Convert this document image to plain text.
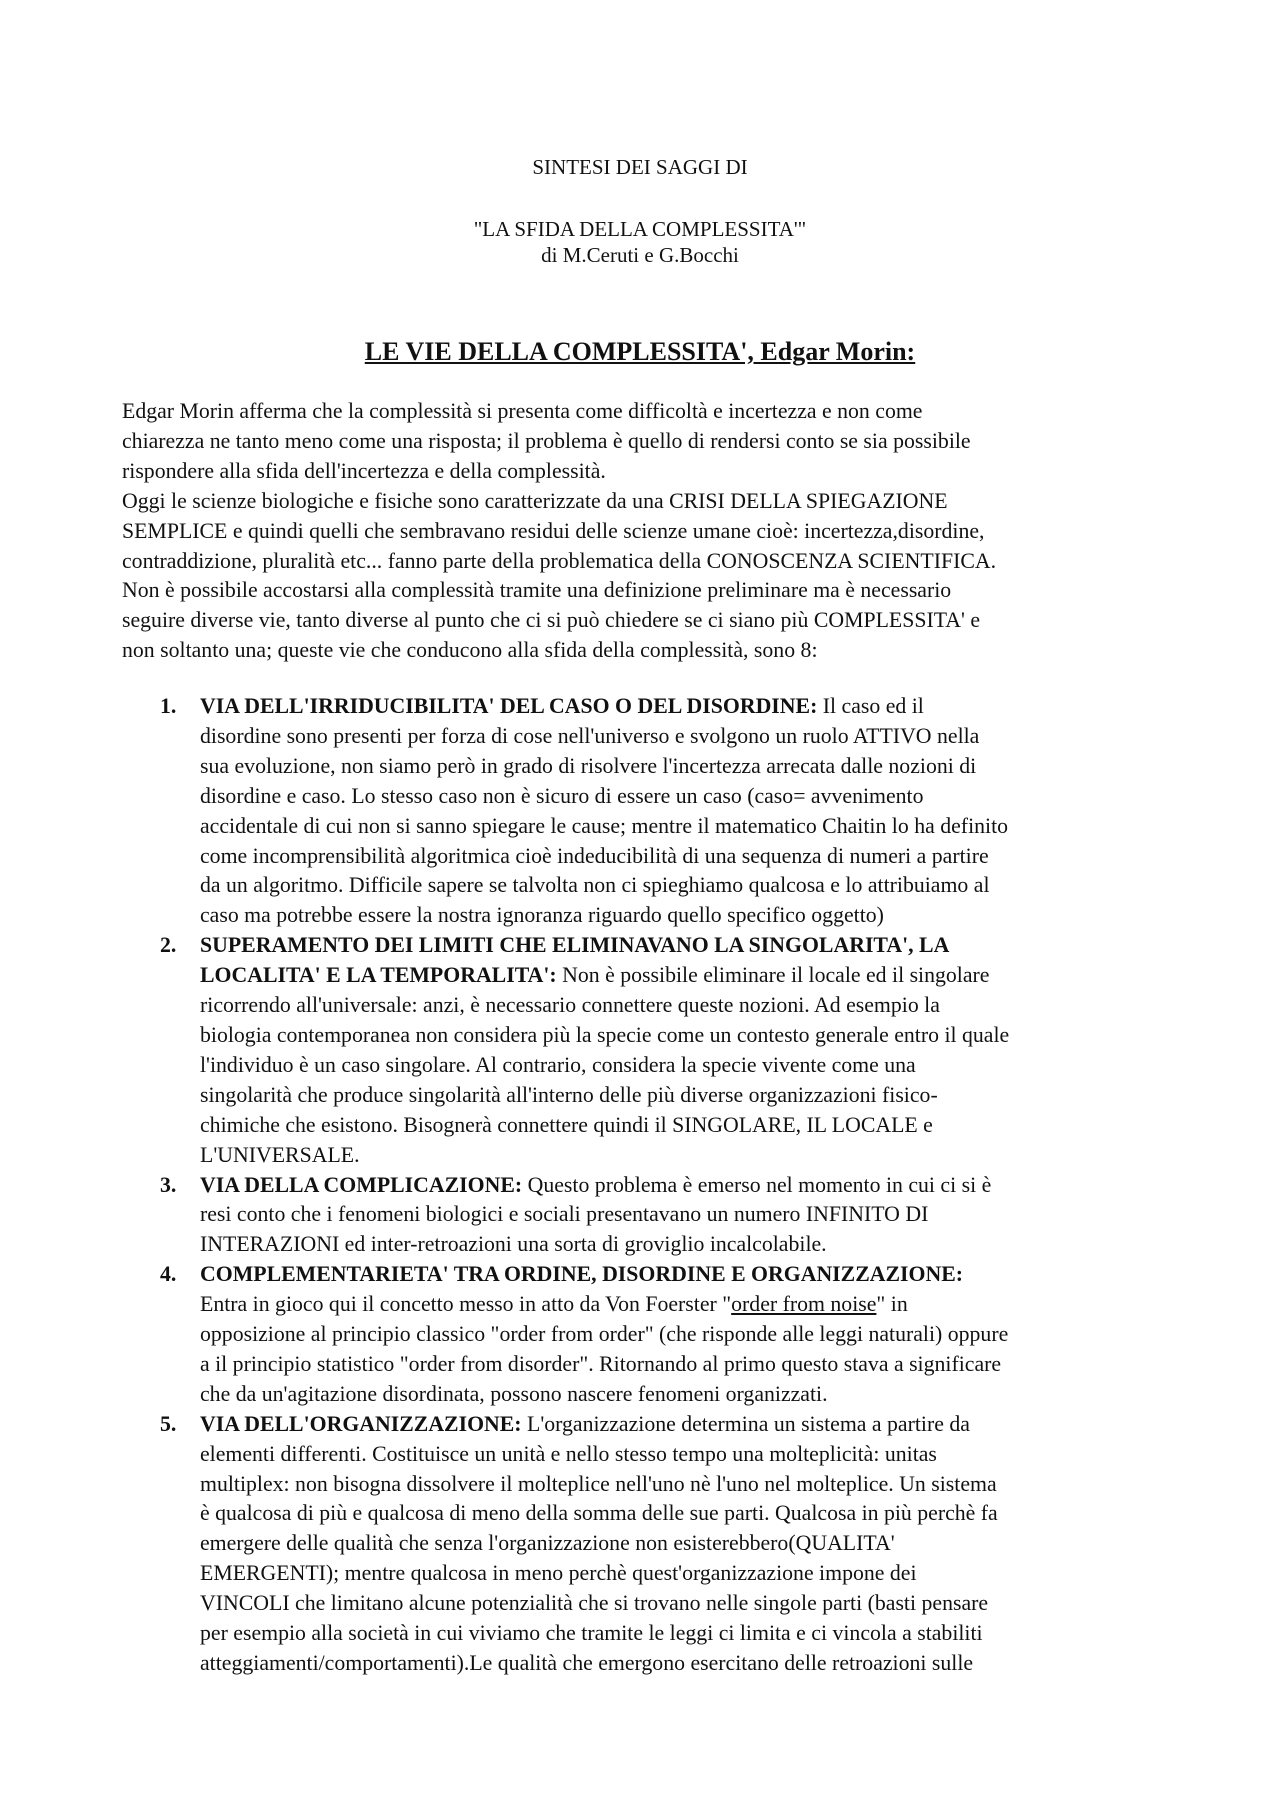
SINTESI DEI SAGGI DI

"LA SFIDA DELLA COMPLESSITA'"

di M.Ceruti e G.Bocchi

LE VIE DELLA COMPLESSITA', Edgar Morin:
Edgar Morin afferma che la complessità si presenta come difficoltà e incertezza e non come
chiarezza ne tanto meno come una risposta; il problema è quello di rendersi conto se sia possibile
rispondere alla sfida dell'incertezza e della complessità.
Oggi le scienze biologiche e fisiche sono caratterizzate da una CRISI DELLA SPIEGAZIONE
SEMPLICE e quindi quelli che sembravano residui delle scienze umane cioè: incertezza,disordine,
contraddizione, pluralità etc... fanno parte della problematica della CONOSCENZA SCIENTIFICA.
Non è possibile accostarsi alla complessità tramite una definizione preliminare ma è necessario
seguire diverse vie, tanto diverse al punto che ci si può chiedere se ci siano più COMPLESSITA' e
non soltanto una; queste vie che conducono alla sfida della complessità, sono 8:
1.	VIA DELL'IRRIDUCIBILITA' DEL CASO O DEL DISORDINE: Il caso ed il
disordine sono presenti per forza di cose nell'universo e svolgono un ruolo ATTIVO nella
sua evoluzione, non siamo però in grado di risolvere l'incertezza arrecata dalle nozioni di
disordine e caso. Lo stesso caso non è sicuro di essere un caso (caso= avvenimento
accidentale di cui non si sanno spiegare le cause; mentre il matematico Chaitin lo ha definito
come incomprensibilità algoritmica cioè indeducibilità di una sequenza di numeri a partire
da un algoritmo. Difficile sapere se talvolta non ci spieghiamo qualcosa e lo attribuiamo al
caso ma potrebbe essere la nostra ignoranza riguardo quello specifico oggetto)
2.	SUPERAMENTO DEI LIMITI CHE ELIMINAVANO LA SINGOLARITA', LA
LOCALITA' E LA TEMPORALITA': Non è possibile eliminare il locale ed il singolare
ricorrendo all'universale: anzi, è necessario connettere queste nozioni. Ad esempio la
biologia contemporanea non considera più la specie come un contesto generale entro il quale
l'individuo è un caso singolare. Al contrario, considera la specie vivente come una
singolarità che produce singolarità all'interno delle più diverse organizzazioni fisico-
chimiche che esistono. Bisognerà connettere quindi il SINGOLARE, IL LOCALE e
L'UNIVERSALE.
3.	VIA DELLA COMPLICAZIONE: Questo problema è emerso nel momento in cui ci si è
resi conto che i fenomeni biologici e sociali presentavano un numero INFINITO DI
INTERAZIONI ed inter-retroazioni una sorta di groviglio incalcolabile.
4.	COMPLEMENTARIETA' TRA ORDINE, DISORDINE E ORGANIZZAZIONE:
Entra in gioco qui il concetto messo in atto da Von Foerster "order from noise" in
opposizione al principio classico "order from order" (che risponde alle leggi naturali) oppure
a il principio statistico "order from disorder". Ritornando al primo questo stava a significare
che da un'agitazione disordinata, possono nascere fenomeni organizzati.
5.	VIA DELL'ORGANIZZAZIONE: L'organizzazione determina un sistema a partire da
elementi differenti. Costituisce un unità e nello stesso tempo una molteplicità: unitas
multiplex: non bisogna dissolvere il molteplice nell'uno nè l'uno nel molteplice. Un sistema
è qualcosa di più e qualcosa di meno della somma delle sue parti. Qualcosa in più perchè fa
emergere delle qualità che senza l'organizzazione non esisterebbero(QUALITA'
EMERGENTI); mentre qualcosa in meno perchè quest'organizzazione impone dei
VINCOLI che limitano alcune potenzialità che si trovano nelle singole parti (basti pensare
per esempio alla società in cui viviamo che tramite le leggi ci limita e ci vincola a stabiliti
atteggiamenti/comportamenti).Le qualità che emergono esercitano delle retroazioni sulle
